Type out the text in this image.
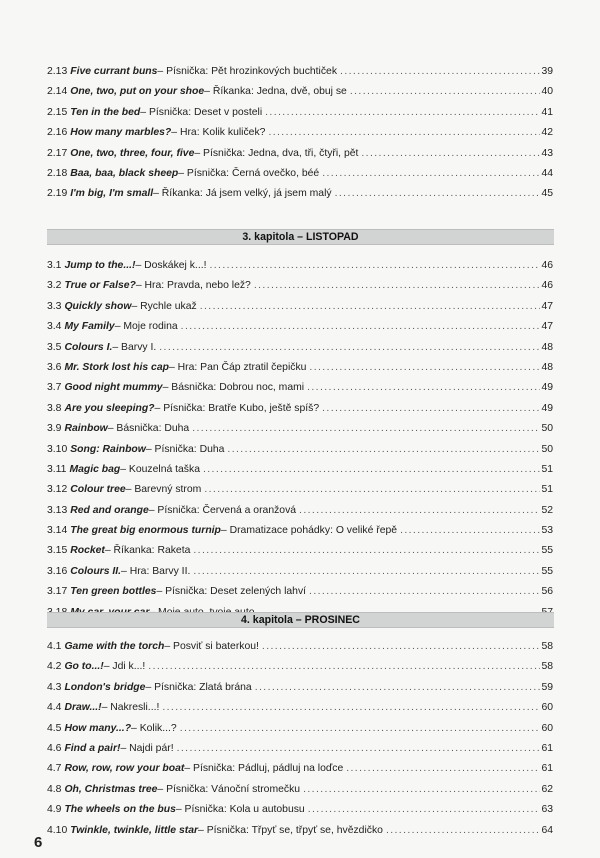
2.13 Five currant buns – Písnička: Pět hrozinkových buchtiček .....	39
2.14 One, two, put on your shoe – Říkanka: Jedna, dvě, obuj se .....	40
2.15 Ten in the bed – Písnička: Deset v posteli .....	41
2.16 How many marbles? – Hra: Kolik kuliček? .....	42
2.17 One, two, three, four, five – Písnička: Jedna, dva, tři, čtyři, pět .....	43
2.18 Baa, baa, black sheep – Písnička: Černá ovečko, béé .....	44
2.19 I'm big, I'm small – Říkanka: Já jsem velký, já jsem malý .....	45
3. kapitola – LISTOPAD
3.1 Jump to the...! – Doskákej k...! .....	46
3.2 True or False? – Hra: Pravda, nebo lež? .....	46
3.3 Quickly show – Rychle ukaž .....	47
3.4 My Family – Moje rodina .....	47
3.5 Colours I. – Barvy I. .....	48
3.6 Mr. Stork lost his cap – Hra: Pan Čáp ztratil čepičku .....	48
3.7 Good night mummy – Básnička: Dobrou noc, mami .....	49
3.8 Are you sleeping? – Písnička: Bratře Kubo, ještě spíš? .....	49
3.9 Rainbow – Básnička: Duha .....	50
3.10 Song: Rainbow – Písnička: Duha .....	50
3.11 Magic bag – Kouzelná taška .....	51
3.12 Colour tree – Barevný strom .....	51
3.13 Red and orange – Písnička: Červená a oranžová .....	52
3.14 The great big enormous turnip – Dramatizace pohádky: O veliké řepě .....	53
3.15 Rocket – Říkanka: Raketa .....	55
3.16 Colours II. – Hra: Barvy II. .....	55
3.17 Ten green bottles – Písnička: Deset zelených lahví .....	56
.....
4. kapitola – PROSINEC
4.1 Game with the torch – Posviť si baterkou! .....	58
4.2 Go to...! – Jdi k...! .....	58
4.3 London's bridge – Písnička: Zlatá brána .....	59
4.4 Draw...! – Nakresli...! .....	60
4.5 How many...? – Kolik...? .....	60
4.6 Find a pair! – Najdi pár! .....	61
4.7 Row, row, row your boat – Písnička: Pádluj, pádluj na loďce .....	61
4.8 Oh, Christmas tree – Písnička: Vánoční stromečku .....	62
4.9 The wheels on the bus – Písnička: Kola u autobusu .....	63
4.10 Twinkle, twinkle, little star – Písnička: Třpyť se, třpyť se, hvězdičko .....	64
6
